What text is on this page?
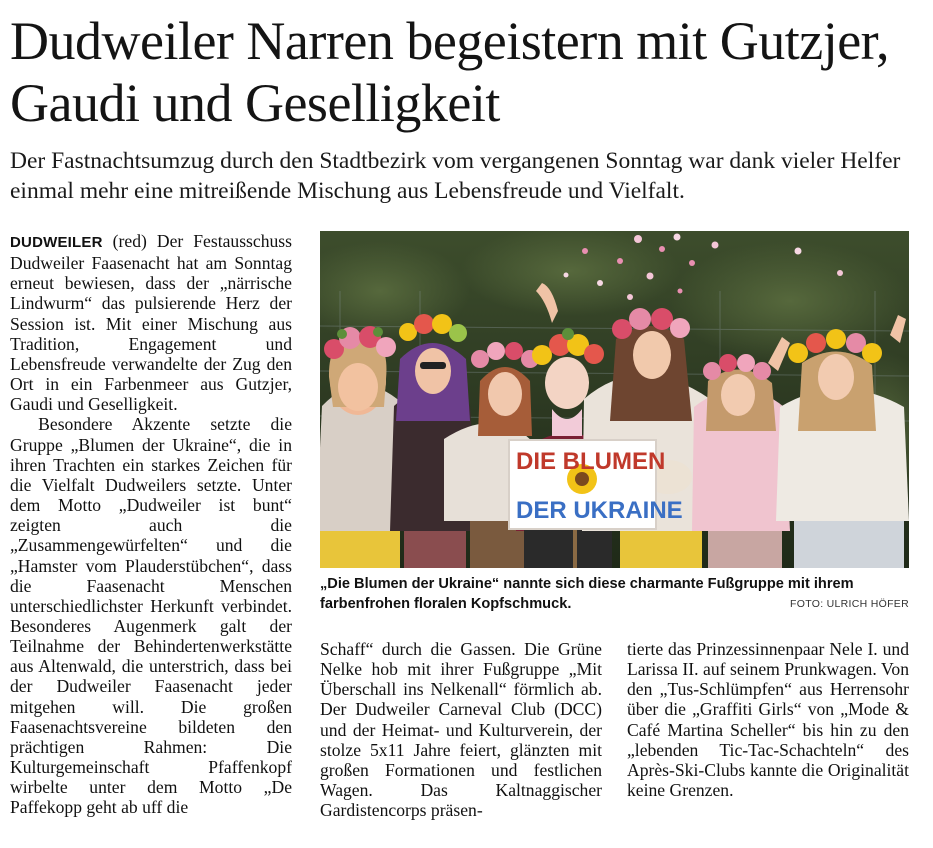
Dudweiler Narren begeistern mit Gutzjer, Gaudi und Geselligkeit

Der Fastnachtsumzug durch den Stadtbezirk vom vergangenen Sonntag war dank vieler Helfer einmal mehr eine mitreißende Mischung aus Lebensfreude und Vielfalt.

DUDWEILER (red) Der Festausschuss Dudweiler Faasenacht hat am Sonntag erneut bewiesen, dass der „närrische Lindwurm“ das pulsierende Herz der Session ist. Mit einer Mischung aus Tradition, Engagement und Lebensfreude verwandelte der Zug den Ort in ein Farbenmeer aus Gutzjer, Gaudi und Geselligkeit.

Besondere Akzente setzte die Gruppe „Blumen der Ukraine“, die in ihren Trachten ein starkes Zeichen für die Vielfalt Dudweilers setzte. Unter dem Motto „Dudweiler ist bunt“ zeigten auch die „Zusammengewürfelten“ und die „Hamster vom Plauderstübchen“, dass die Faasenacht Menschen unterschiedlichster Herkunft verbindet. Besonderes Augenmerk galt der Teilnahme der Behindertenwerkstätte aus Altenwald, die unterstrich, dass bei der Dudweiler Faasenacht jeder mitgehen will. Die großen Faasenachtsvereine bildeten den prächtigen Rahmen: Die Kulturgemeinschaft Pfaffenkopf wirbelte unter dem Motto „De Paffekopp geht ab uff die

DIE BLUMEN
DER UKRAINE
„Die Blumen der Ukraine“ nannte sich diese charmante Fußgruppe mit ihrem farbenfrohen floralen Kopfschmuck.	FOTO: ULRICH HÖFER

Schaff“ durch die Gassen. Die Grüne Nelke hob mit ihrer Fußgruppe „Mit Überschall ins Nelkenall“ förmlich ab. Der Dudweiler Carneval Club (DCC) und der Heimat- und Kulturverein, der stolze 5x11 Jahre feiert, glänzten mit großen Formationen und festlichen Wagen. Das Kaltnaggischer Gardistencorps präsen-

tierte das Prinzessinnenpaar Nele I. und Larissa II. auf seinem Prunkwagen. Von den „Tus-Schlümpfen“ aus Herrensohr über die „Graffiti Girls“ von „Mode & Café Martina Scheller“ bis hin zu den „lebenden Tic-Tac-Schachteln“ des Après-Ski-Clubs kannte die Originalität keine Grenzen.
